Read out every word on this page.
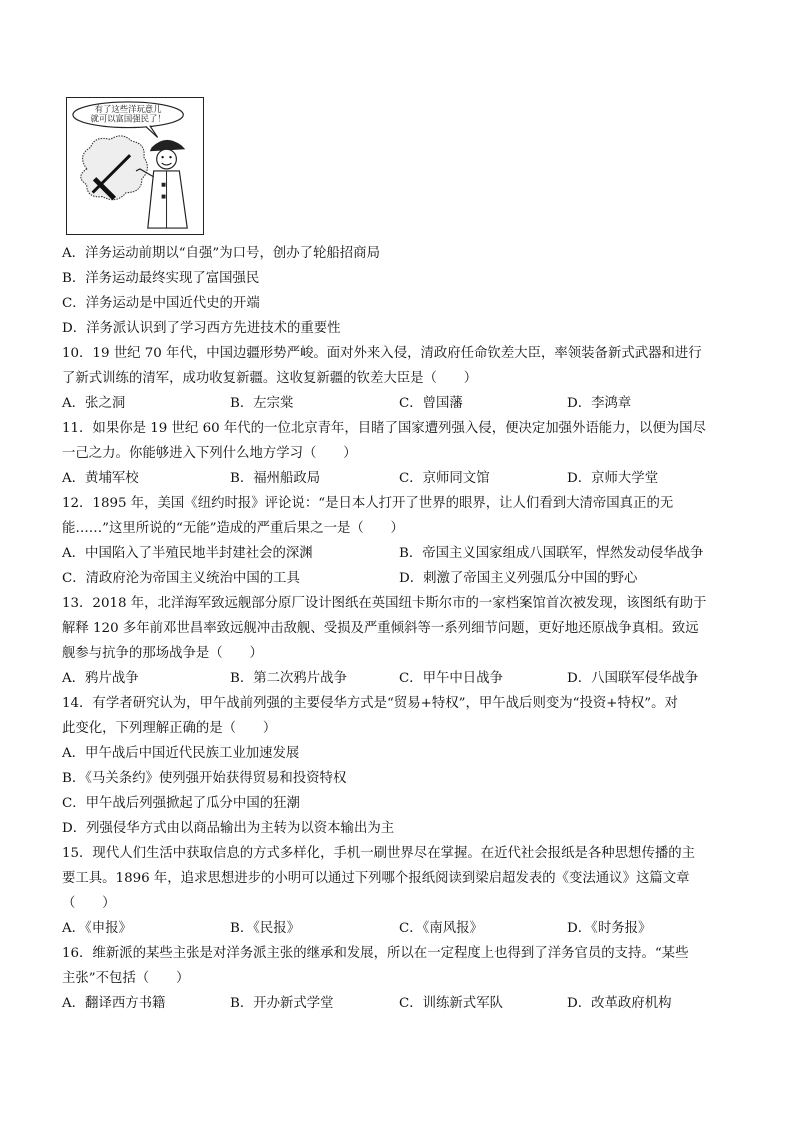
有了这些洋玩意儿
就可以富国强民了！
A．洋务运动前期以“自强”为口号，创办了轮船招商局
B．洋务运动最终实现了富国强民
C．洋务运动是中国近代史的开端
D．洋务派认识到了学习西方先进技术的重要性
10．19 世纪 70 年代，中国边疆形势严峻。面对外来入侵，清政府任命钦差大臣，率领装备新式武器和进行
了新式训练的清军，成功收复新疆。这收复新疆的钦差大臣是（　　）
A．张之洞	B．左宗棠	C．曾国藩	D．李鸿章
11．如果你是 19 世纪 60 年代的一位北京青年，目睹了国家遭列强入侵，便决定加强外语能力，以便为国尽
一己之力。你能够进入下列什么地方学习（　　）
A．黄埔军校	B．福州船政局	C．京师同文馆	D．京师大学堂
12．1895 年，美国《纽约时报》评论说：“是日本人打开了世界的眼界，让人们看到大清帝国真正的无
能……”这里所说的“无能”造成的严重后果之一是（　　）
A．中国陷入了半殖民地半封建社会的深渊	B．帝国主义国家组成八国联军，悍然发动侵华战争
C．清政府沦为帝国主义统治中国的工具	D．刺激了帝国主义列强瓜分中国的野心
13．2018 年，北洋海军致远舰部分原厂设计图纸在英国纽卡斯尔市的一家档案馆首次被发现，该图纸有助于
解释 120 多年前邓世昌率致远舰冲击敌舰、受损及严重倾斜等一系列细节问题，更好地还原战争真相。致远
舰参与抗争的那场战争是（　　）
A．鸦片战争	B．第二次鸦片战争	C．甲午中日战争	D．八国联军侵华战争
14．有学者研究认为，甲午战前列强的主要侵华方式是“贸易+特权”，甲午战后则变为“投资+特权”。对
此变化，下列理解正确的是（　　）
A．甲午战后中国近代民族工业加速发展
B．《马关条约》使列强开始获得贸易和投资特权
C．甲午战后列强掀起了瓜分中国的狂潮
D．列强侵华方式由以商品输出为主转为以资本输出为主
15．现代人们生活中获取信息的方式多样化，手机一刷世界尽在掌握。在近代社会报纸是各种思想传播的主
要工具。1896 年，追求思想进步的小明可以通过下列哪个报纸阅读到梁启超发表的《变法通议》这篇文章
（　　）
A．《申报》	B．《民报》	C．《南风报》	D．《时务报》
16．维新派的某些主张是对洋务派主张的继承和发展，所以在一定程度上也得到了洋务官员的支持。“某些
主张”不包括（　　）
A．翻译西方书籍	B．开办新式学堂	C．训练新式军队	D．改革政府机构
